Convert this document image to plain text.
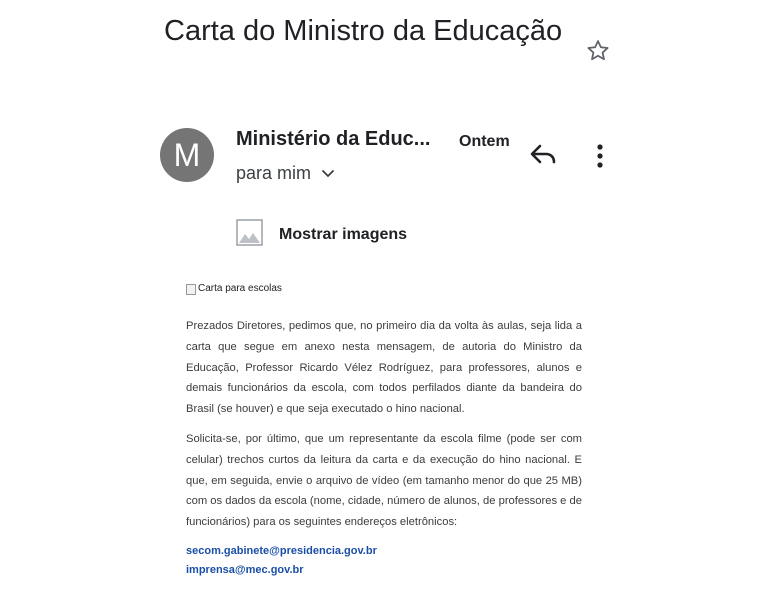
Carta do Ministro da Educação
M	Ministério da Educ... Ontem
para mim
Mostrar imagens
Carta para escolas

Prezados Diretores, pedimos que, no primeiro dia da volta às aulas, seja lida a carta que segue em anexo nesta mensagem, de autoria do Ministro da Educação, Professor Ricardo Vélez Rodríguez, para professores, alunos e demais funcionários da escola, com todos perfilados diante da bandeira do Brasil (se houver) e que seja executado o hino nacional.

Solicita-se, por último, que um representante da escola filme (pode ser com celular) trechos curtos da leitura da carta e da execução do hino nacional. E que, em seguida, envie o arquivo de vídeo (em tamanho menor do que 25 MB) com os dados da escola (nome, cidade, número de alunos, de professores e de funcionários) para os seguintes endereços eletrônicos:

secom.gabinete@presidencia.gov.br
imprensa@mec.gov.br
